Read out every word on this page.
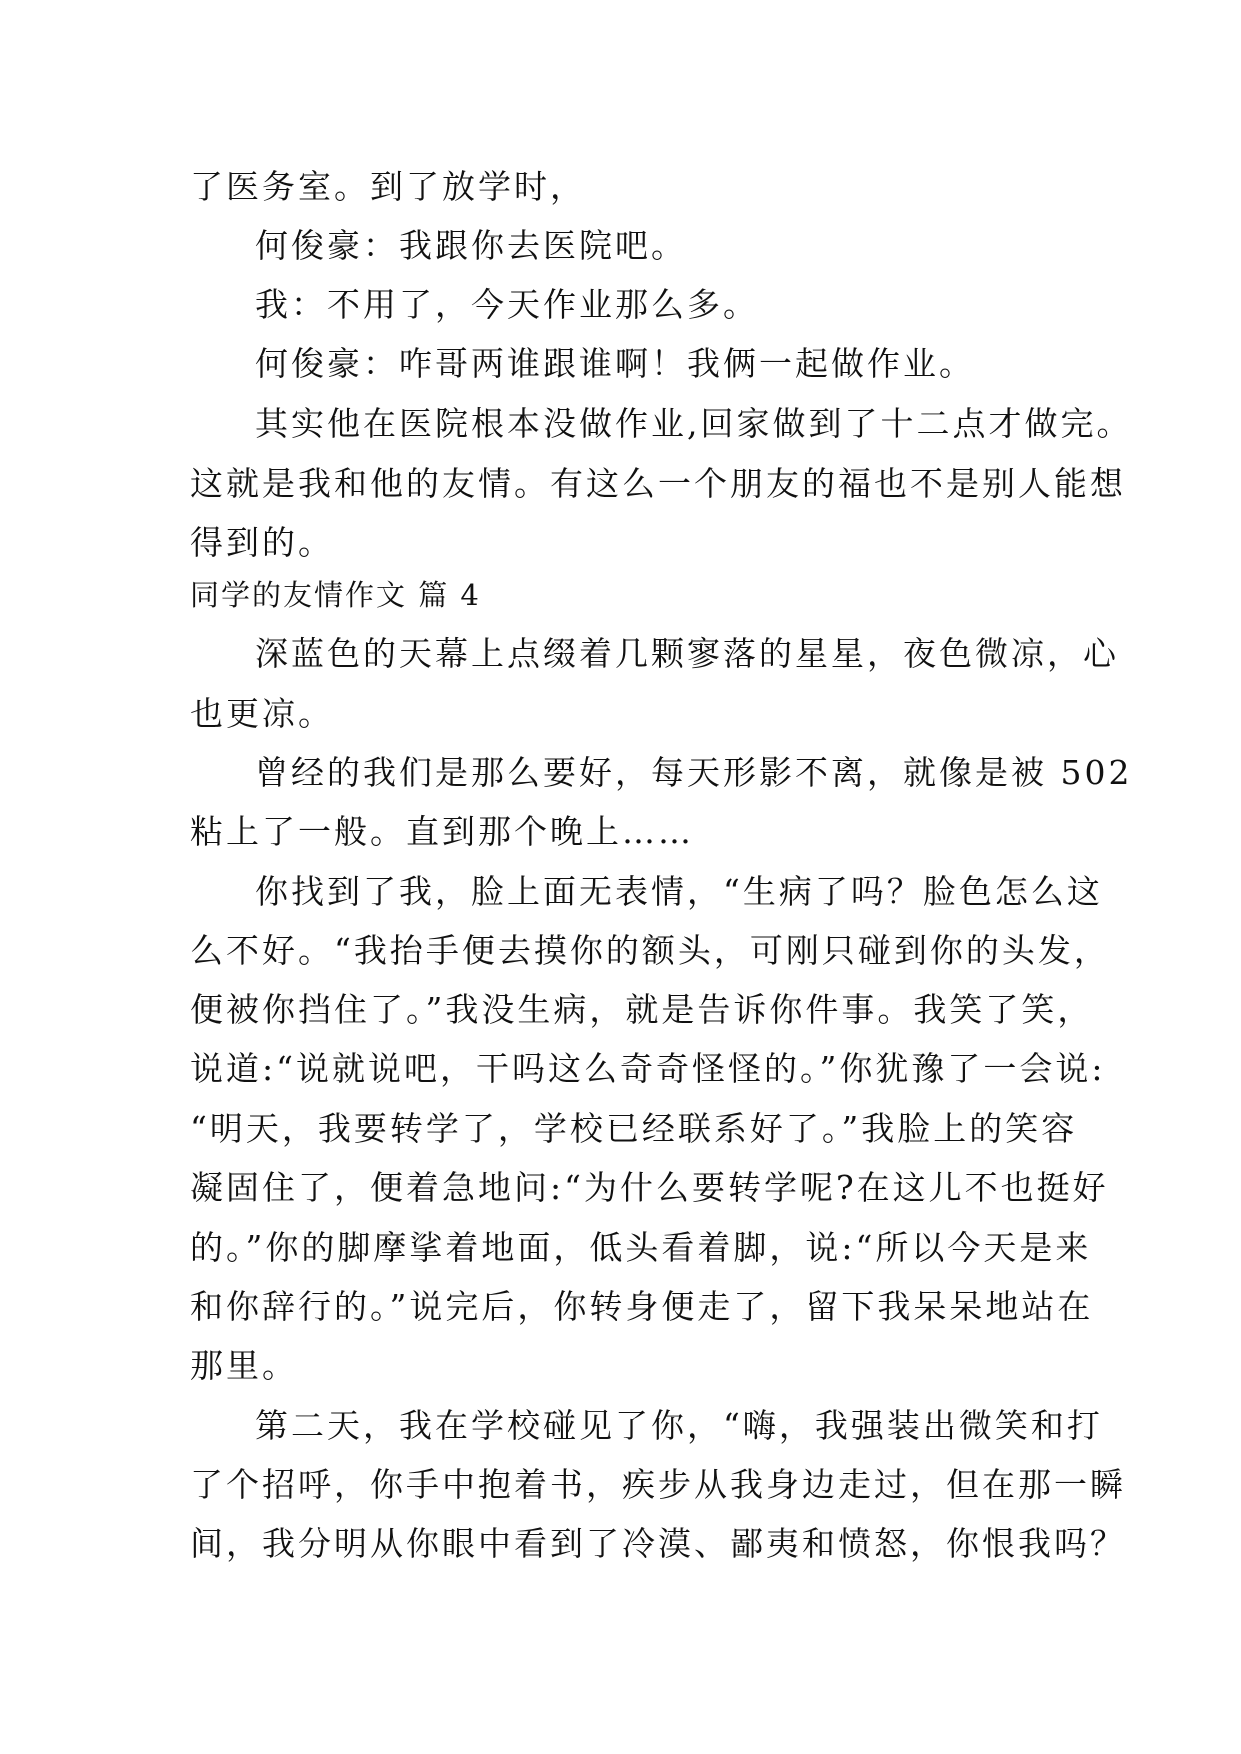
了医务室。到了放学时，
何俊豪：我跟你去医院吧。
我：不用了，今天作业那么多。
何俊豪：咋哥两谁跟谁啊！我俩一起做作业。
其实他在医院根本没做作业,回家做到了十二点才做完。
这就是我和他的友情。有这么一个朋友的福也不是别人能想
得到的。
同学的友情作文 篇 4
深蓝色的天幕上点缀着几颗寥落的星星，夜色微凉，心
也更凉。
曾经的我们是那么要好，每天形影不离，就像是被 502
粘上了一般。直到那个晚上……
你找到了我，脸上面无表情，“生病了吗？脸色怎么这
么不好。“我抬手便去摸你的额头，可刚只碰到你的头发，
便被你挡住了。”我没生病，就是告诉你件事。我笑了笑，
说道:“说就说吧，干吗这么奇奇怪怪的。”你犹豫了一会说:
“明天，我要转学了，学校已经联系好了。”我脸上的笑容
凝固住了，便着急地问:“为什么要转学呢?在这儿不也挺好
的。”你的脚摩挲着地面，低头看着脚，说:“所以今天是来
和你辞行的。”说完后，你转身便走了，留下我呆呆地站在
那里。
第二天，我在学校碰见了你，“嗨，我强装出微笑和打
了个招呼，你手中抱着书，疾步从我身边走过，但在那一瞬
间，我分明从你眼中看到了冷漠、鄙夷和愤怒，你恨我吗？
